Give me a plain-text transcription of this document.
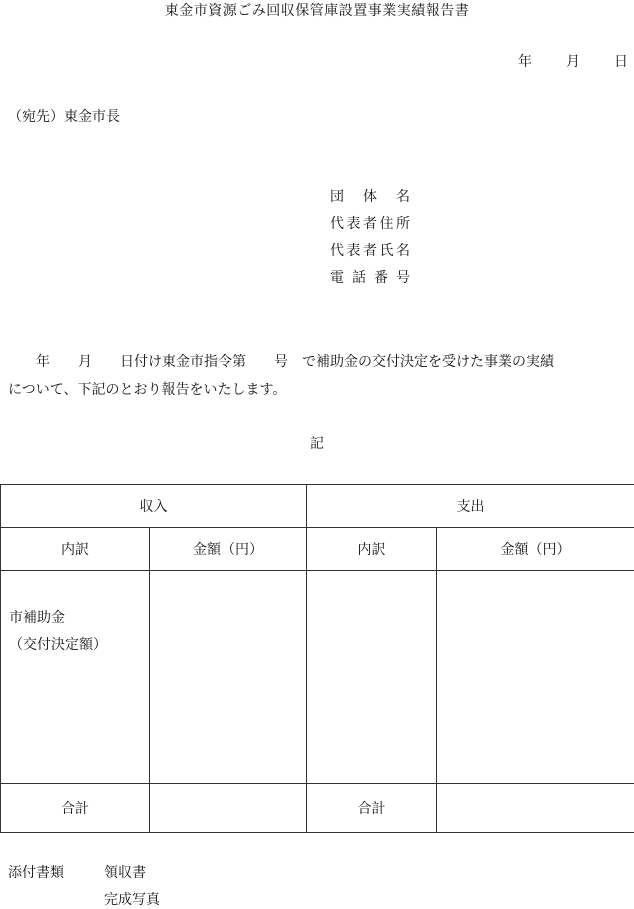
東金市資源ごみ回収保管庫設置事業実績報告書
年 月 日
（宛先）東金市長
団体名
代表者住所
代表者氏名
電話番号
　　年　　月　　日付け東金市指令第　　号　で補助金の交付決定を受けた事業の実績
について、下記のとおり報告をいたします。
記
収入		支出	
内訳	金額（円）	内訳	金額（円）

市補助金
（交付決定額）			

合計		合計	
添付書類	領収書
完成写真
